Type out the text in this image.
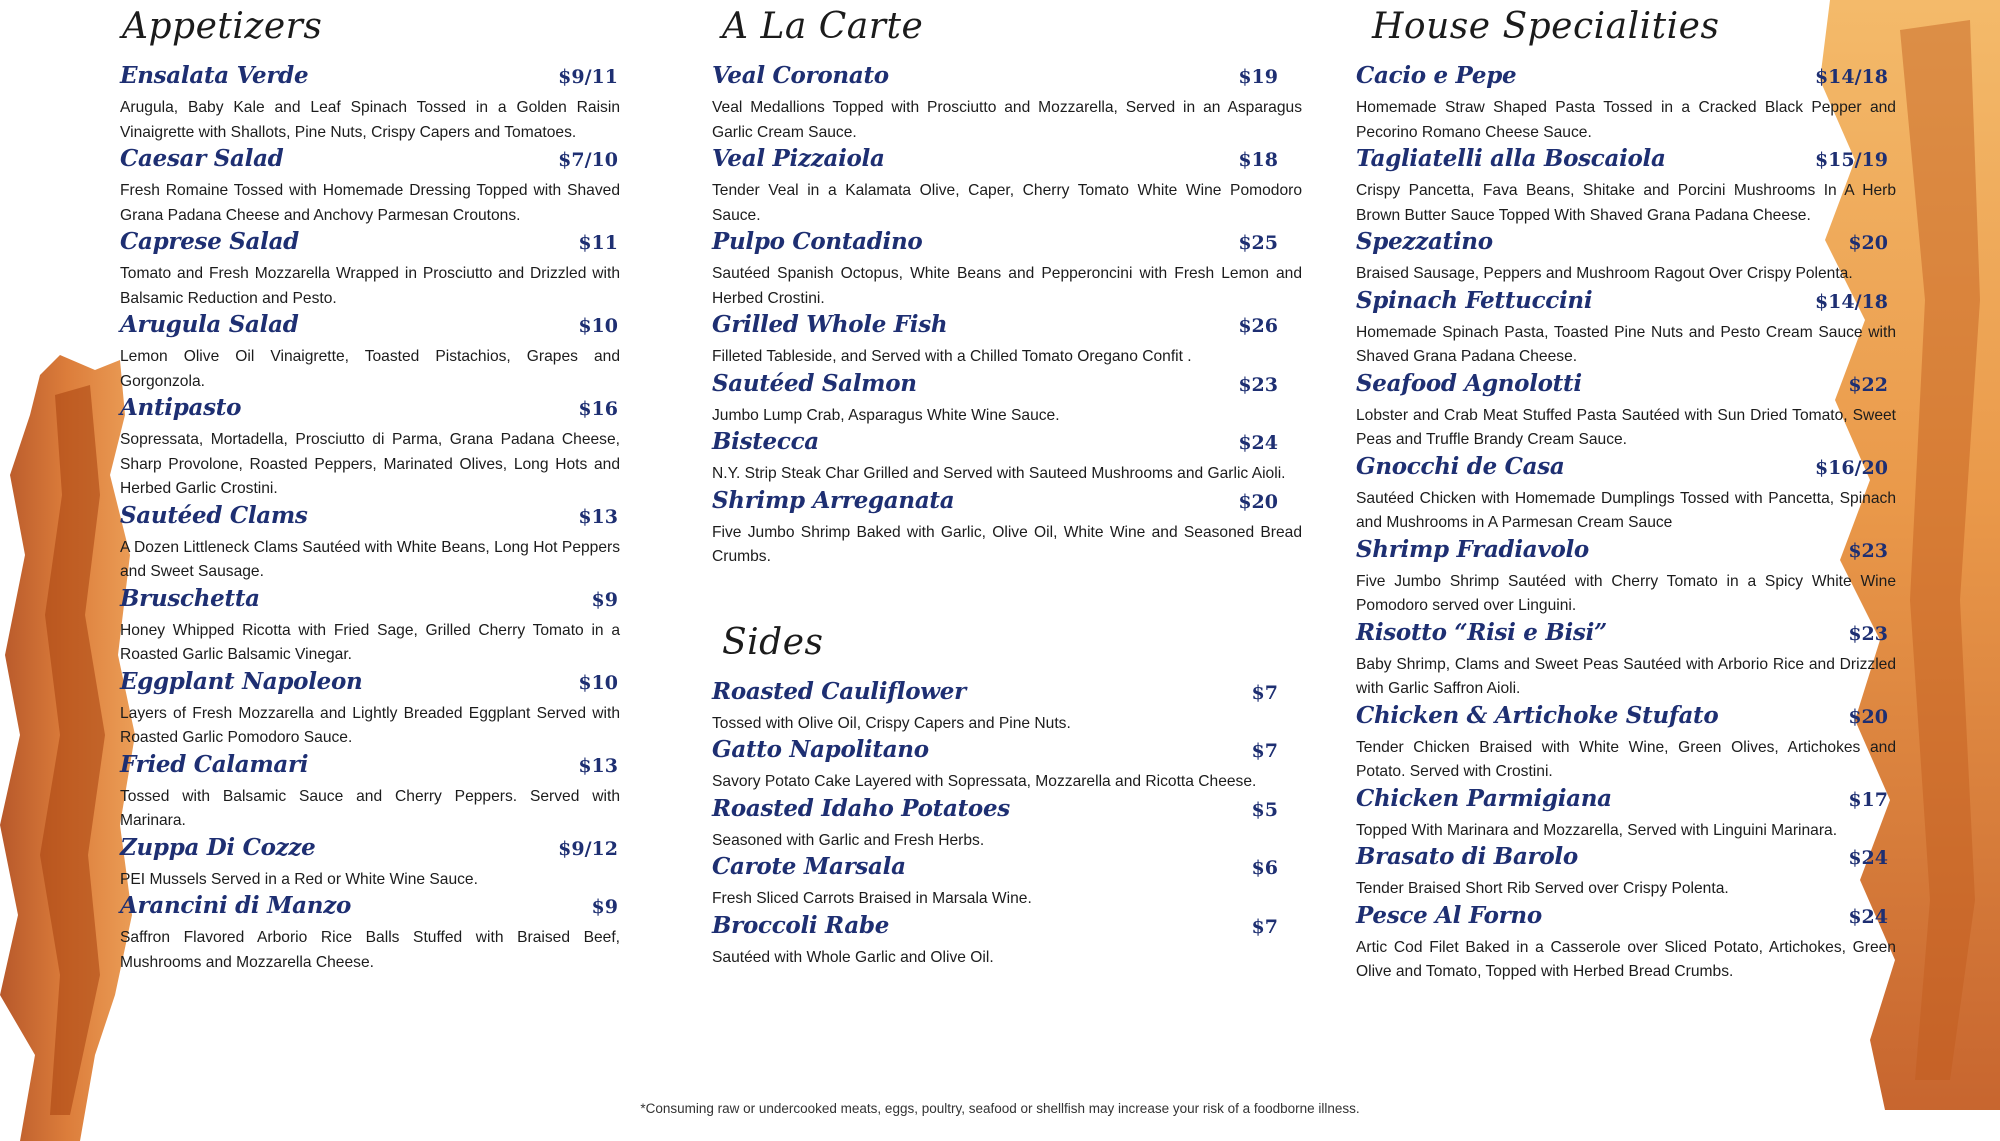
Appetizers
Ensalata Verde	$9/11
Arugula, Baby Kale and Leaf Spinach Tossed in a Golden Raisin Vinaigrette with Shallots, Pine Nuts, Crispy Capers and Tomatoes.
Caesar Salad	$7/10
Fresh Romaine Tossed with Homemade Dressing Topped with Shaved Grana Padana Cheese and Anchovy Parmesan Croutons.
Caprese Salad	$11
Tomato and Fresh Mozzarella Wrapped in Prosciutto and Drizzled with Balsamic Reduction and Pesto.
Arugula Salad	$10
Lemon Olive Oil Vinaigrette, Toasted Pistachios, Grapes and Gorgonzola.
Antipasto	$16
Sopressata, Mortadella, Prosciutto di Parma, Grana Padana Cheese, Sharp Provolone, Roasted Peppers, Marinated Olives, Long Hots and Herbed Garlic Crostini.
Sautéed Clams	$13
A Dozen Littleneck Clams Sautéed with White Beans, Long Hot Peppers and Sweet Sausage.
Bruschetta	$9
Honey Whipped Ricotta with Fried Sage, Grilled Cherry Tomato in a Roasted Garlic Balsamic Vinegar.
Eggplant Napoleon	$10
Layers of Fresh Mozzarella and Lightly Breaded Eggplant Served with Roasted Garlic Pomodoro Sauce.
Fried Calamari	$13
Tossed with Balsamic Sauce and Cherry Peppers. Served with Marinara.
Zuppa Di Cozze	$9/12
PEI Mussels Served in a Red or White Wine Sauce.
Arancini di Manzo	$9
Saffron Flavored Arborio Rice Balls Stuffed with Braised Beef, Mushrooms and Mozzarella Cheese.
A La Carte
Veal Coronato	$19
Veal Medallions Topped with Prosciutto and Mozzarella, Served in an Asparagus Garlic Cream Sauce.
Veal Pizzaiola	$18
Tender Veal in a Kalamata Olive, Caper, Cherry Tomato White Wine Pomodoro Sauce.
Pulpo Contadino	$25
Sautéed Spanish Octopus, White Beans and Pepperoncini with Fresh Lemon and Herbed Crostini.
Grilled Whole Fish	$26
Filleted Tableside, and Served with a Chilled Tomato Oregano Confit .
Sautéed Salmon	$23
Jumbo Lump Crab, Asparagus White Wine Sauce.
Bistecca	$24
N.Y. Strip Steak Char Grilled and Served with Sauteed Mushrooms and Garlic Aioli.
Shrimp Arreganata	$20
Five Jumbo Shrimp Baked with Garlic, Olive Oil, White Wine and Seasoned Bread Crumbs.
Sides
Roasted Cauliflower	$7
Tossed with Olive Oil, Crispy Capers and Pine Nuts.
Gatto Napolitano	$7
Savory Potato Cake Layered with Sopressata, Mozzarella and Ricotta Cheese.
Roasted Idaho Potatoes	$5
Seasoned with Garlic and Fresh Herbs.
Carote Marsala	$6
Fresh Sliced Carrots Braised in Marsala Wine.
Broccoli Rabe	$7
Sautéed with Whole Garlic and Olive Oil.
House Specialities
Cacio e Pepe	$14/18
Homemade Straw Shaped Pasta Tossed in a Cracked Black Pepper and Pecorino Romano Cheese Sauce.
Tagliatelli alla Boscaiola	$15/19
Crispy Pancetta, Fava Beans, Shitake and Porcini Mushrooms In A Herb Brown Butter Sauce Topped With Shaved Grana Padana Cheese.
Spezzatino	$20
Braised Sausage, Peppers and Mushroom Ragout Over Crispy Polenta.
Spinach Fettuccini	$14/18
Homemade Spinach Pasta, Toasted Pine Nuts and Pesto Cream Sauce with Shaved Grana Padana Cheese.
Seafood Agnolotti	$22
Lobster and Crab Meat Stuffed Pasta Sautéed with Sun Dried Tomato, Sweet Peas and Truffle Brandy Cream Sauce.
Gnocchi de Casa	$16/20
Sautéed Chicken with Homemade Dumplings Tossed with Pancetta, Spinach and Mushrooms in A Parmesan Cream Sauce
Shrimp Fradiavolo	$23
Five Jumbo Shrimp Sautéed with Cherry Tomato in a Spicy White Wine Pomodoro served over Linguini.
Risotto “Risi e Bisi”	$23
Baby Shrimp, Clams and Sweet Peas Sautéed with Arborio Rice and Drizzled with Garlic Saffron Aioli.
Chicken & Artichoke Stufato	$20
Tender Chicken Braised with White Wine, Green Olives, Artichokes and Potato. Served with Crostini.
Chicken Parmigiana	$17
Topped With Marinara and Mozzarella, Served with Linguini Marinara.
Brasato di Barolo	$24
Tender Braised Short Rib Served over Crispy Polenta.
Pesce Al Forno	$24
Artic Cod Filet Baked in a Casserole over Sliced Potato, Artichokes, Green Olive and Tomato, Topped with Herbed Bread Crumbs.
*Consuming raw or undercooked meats, eggs, poultry, seafood or shellfish may increase your risk of a foodborne illness.
